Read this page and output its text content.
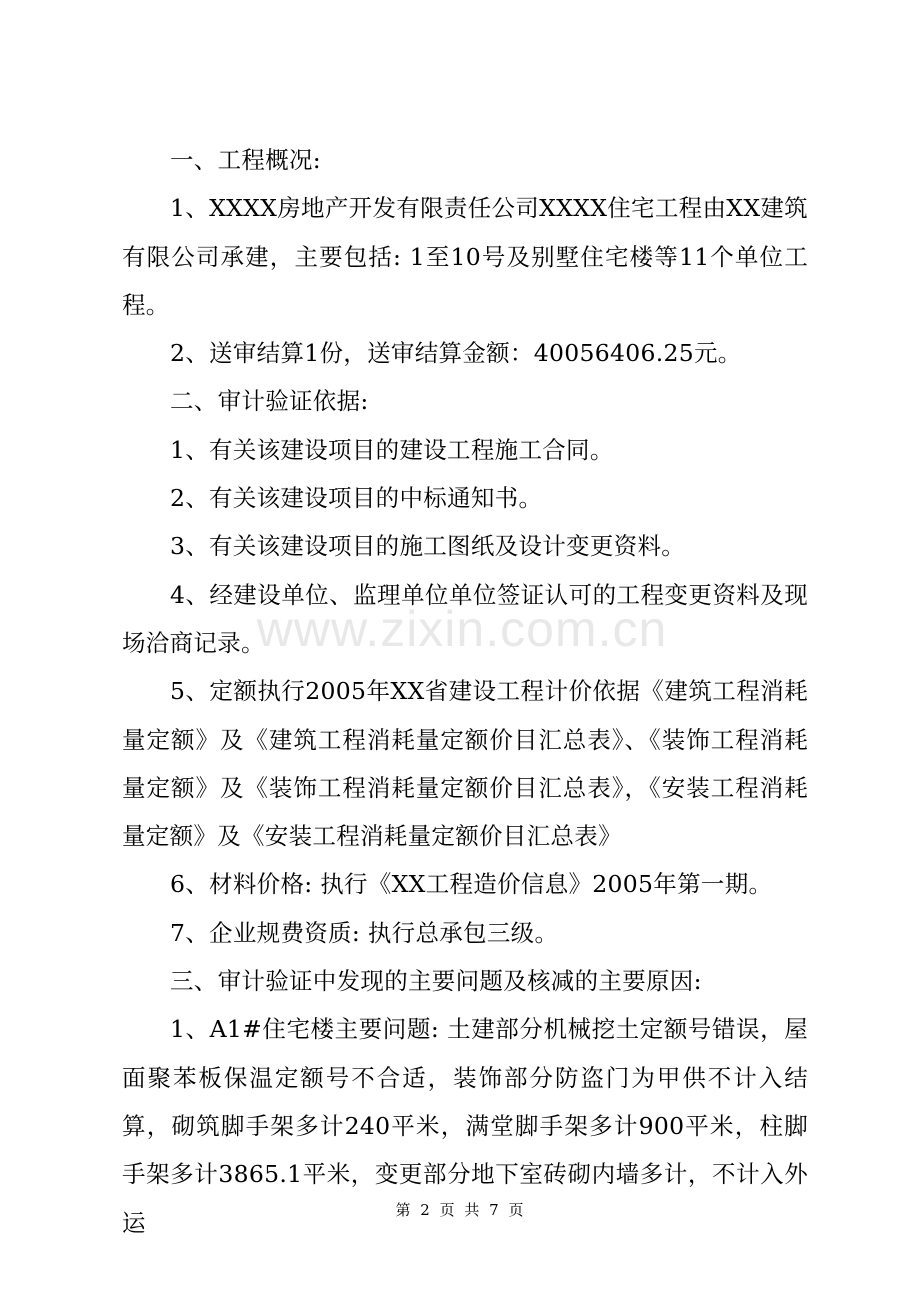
www.zixin.com.cn

一、工程概况:

1、XXXX房地产开发有限责任公司XXXX住宅工程由XX建筑有限公司承建，主要包括: 1至10号及别墅住宅楼等11个单位工程。

2、送审结算1份，送审结算金额：40056406.25元。

二、审计验证依据:

1、有关该建设项目的建设工程施工合同。

2、有关该建设项目的中标通知书。

3、有关该建设项目的施工图纸及设计变更资料。

4、经建设单位、监理单位单位签证认可的工程变更资料及现场洽商记录。

5、定额执行2005年XX省建设工程计价依据《建筑工程消耗量定额》及《建筑工程消耗量定额价目汇总表》、《装饰工程消耗量定额》及《装饰工程消耗量定额价目汇总表》，《安装工程消耗量定额》及《安装工程消耗量定额价目汇总表》

6、材料价格: 执行《XX工程造价信息》2005年第一期。

7、企业规费资质: 执行总承包三级。

三、审计验证中发现的主要问题及核减的主要原因:

1、A1#住宅楼主要问题: 土建部分机械挖土定额号错误，屋面聚苯板保温定额号不合适，装饰部分防盗门为甲供不计入结算，砌筑脚手架多计240平米，满堂脚手架多计900平米，柱脚手架多计3865.1平米，变更部分地下室砖砌内墙多计，不计入外运	第 2 页 共 7 页
